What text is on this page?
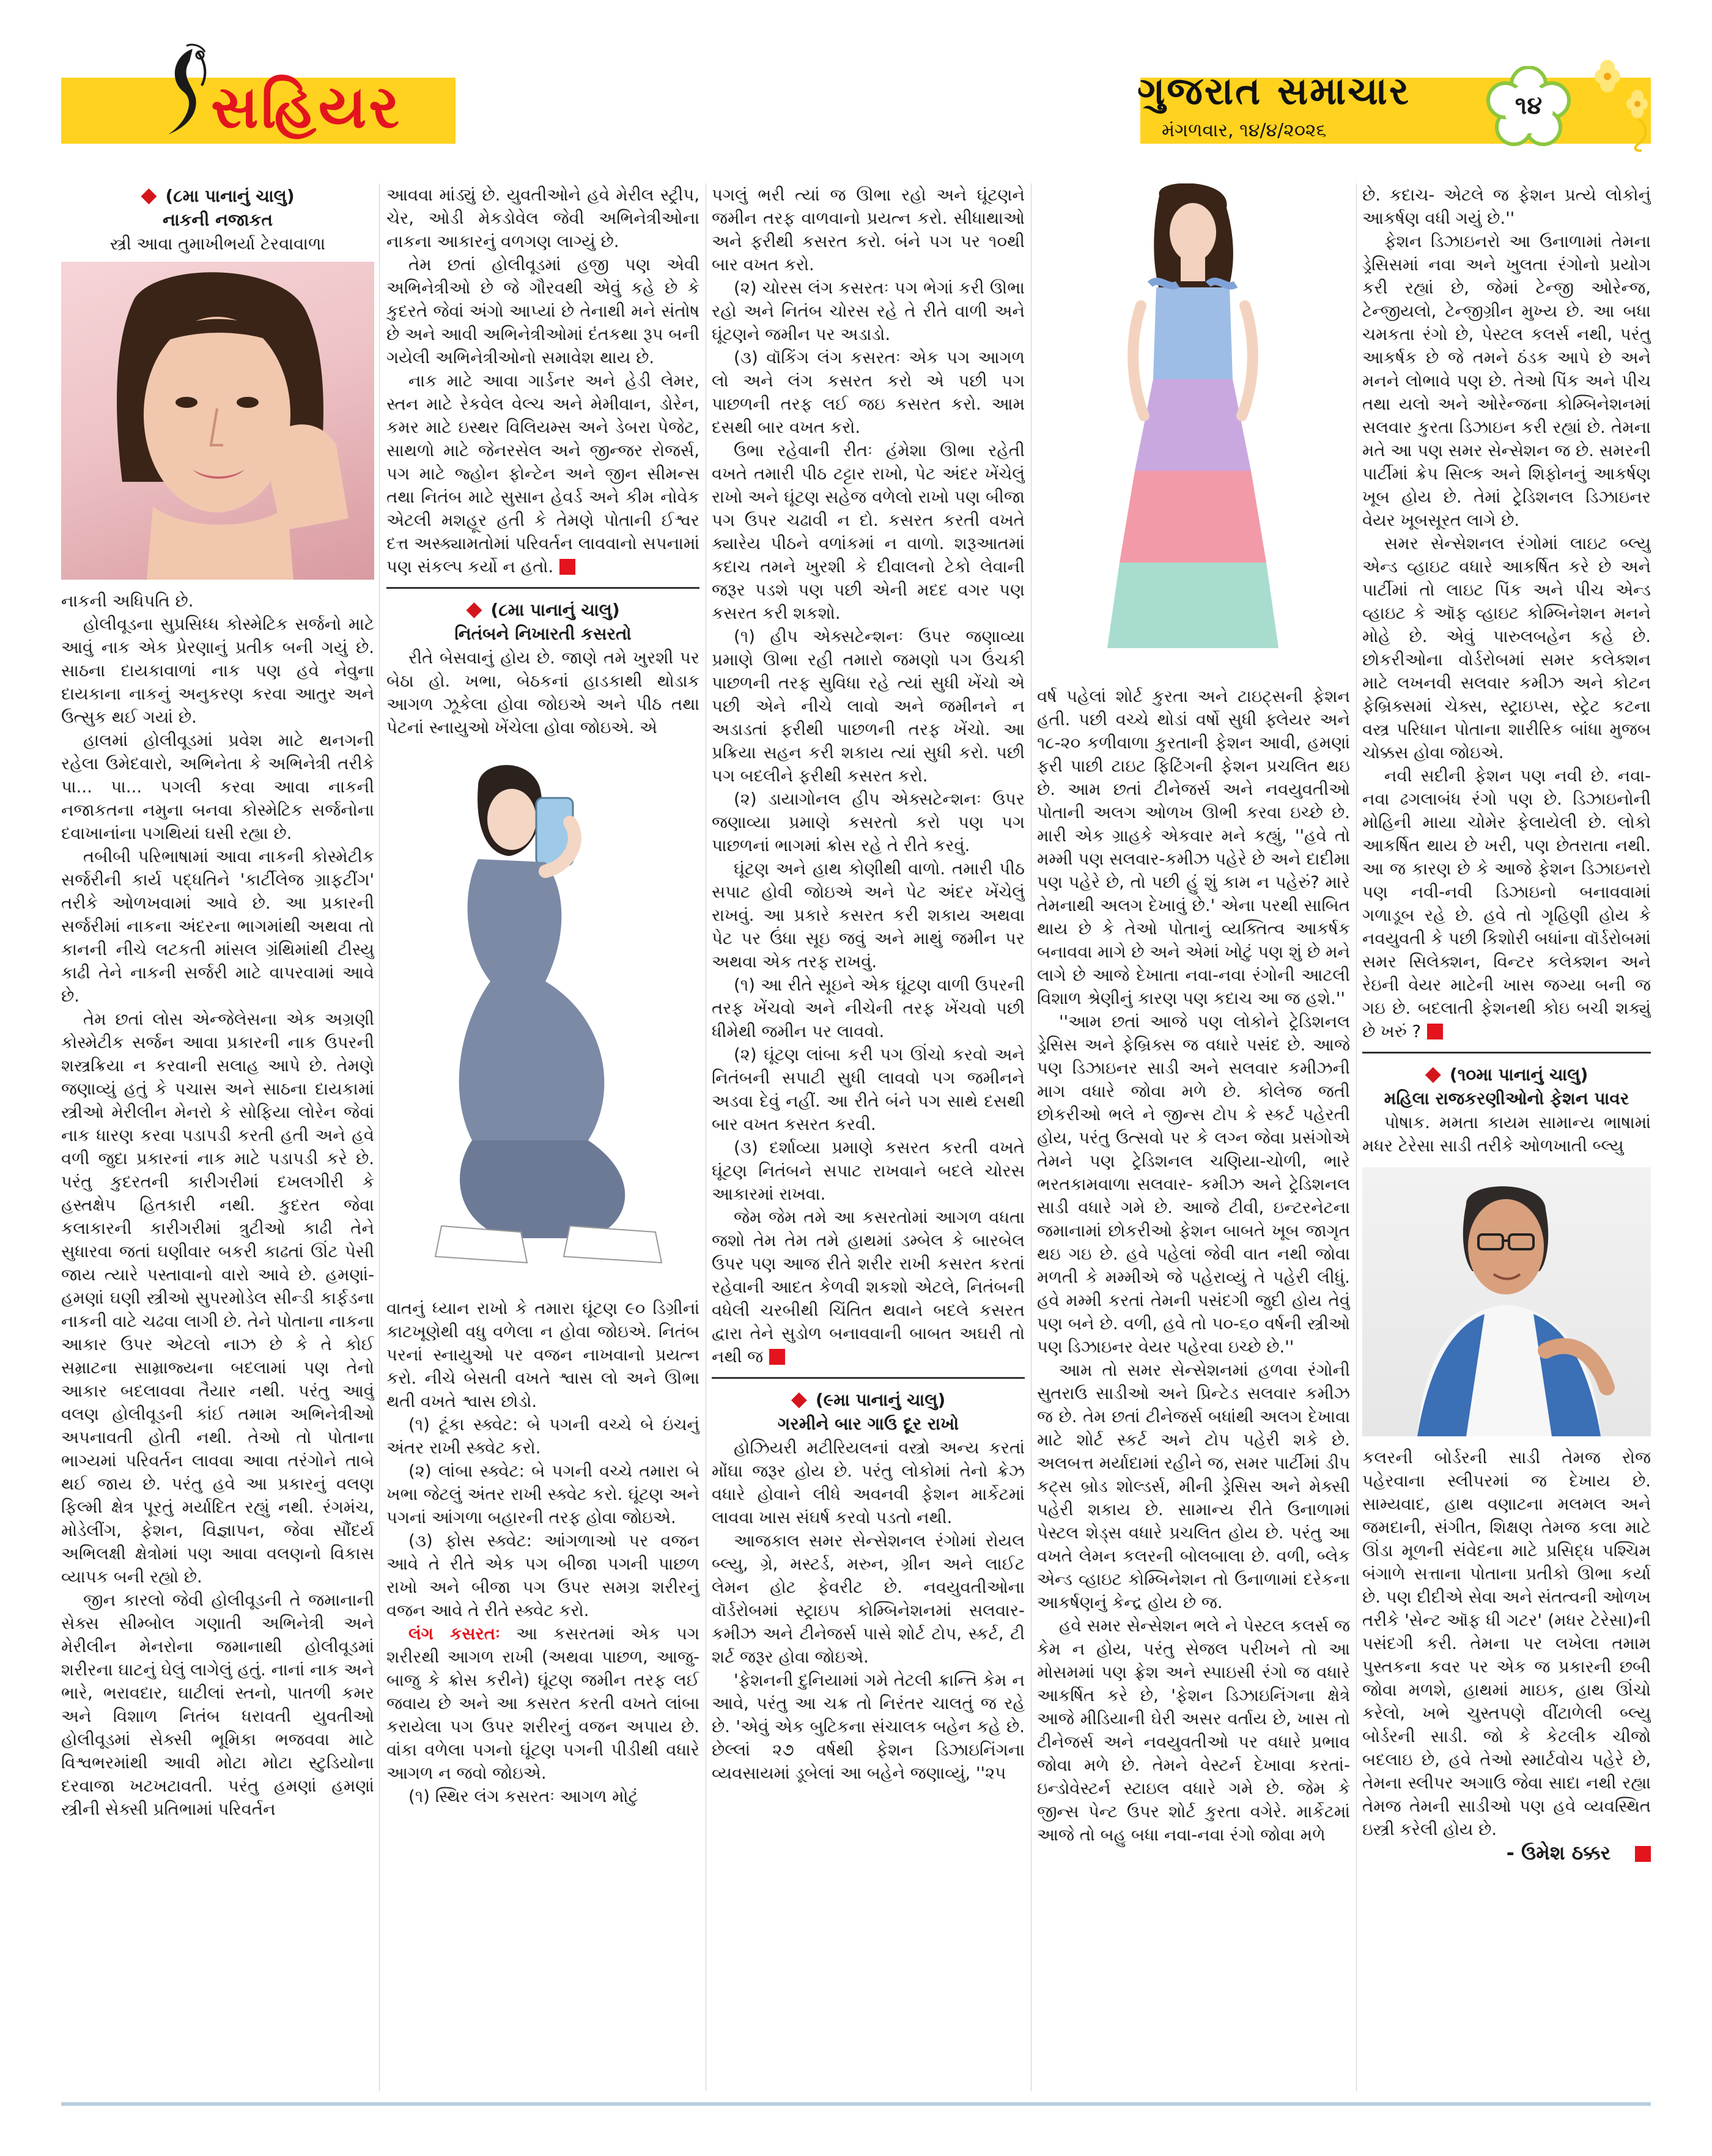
સહિયર	ગુજરાત સમાચાર
મંગળવાર, ૧૪/૪/૨૦૨૬
૧૪
◆ (૮મા પાનાનું ચાલુ)
નાકની નજાકત

સ્ત્રી આવા તુમાખીભર્યા ટેરવાવાળા

નાકની અધિપતિ છે.

હોલીવૂડના સુપ્રસિધ્ધ કોસ્મેટિક સર્જનો માટે આવું નાક એક પ્રેરણાનું પ્રતીક બની ગયું છે. સાઠના દાયકાવાળાં નાક પણ હવે નેવુના દાયકાના નાકનું અનુકરણ કરવા આતુર અને ઉત્સુક થઈ ગયાં છે.

હાલમાં હોલીવૂડમાં પ્રવેશ માટે થનગની રહેલા ઉમેદવારો, અભિનેતા કે અભિનેત્રી તરીકે પા... પા... પગલી કરવા આવા નાકની નજાકતના નમુના બનવા કોસ્મેટિક સર્જનોના દવાખાનાંના પગથિયાં ઘસી રહ્યા છે.

તબીબી પરિભાષામાં આવા નાકની કોસ્મેટીક સર્જરીની કાર્ય પદ્ધતિને 'કાર્ટીલેજ ગ્રાફટીંગ' તરીકે ઓળખવામાં આવે છે. આ પ્રકારની સર્જરીમાં નાકના અંદરના ભાગમાંથી અથવા તો કાનની નીચે લટકતી માંસલ ગ્રંથિમાંથી ટીસ્યુ કાઢી તેને નાકની સર્જરી માટે વાપરવામાં આવે છે.

તેમ છતાં લોસ એન્જેલેસના એક અગ્રણી કોસ્મેટીક સર્જન આવા પ્રકારની નાક ઉપરની શસ્ત્રક્રિયા ન કરવાની સલાહ આપે છે. તેમણે જણાવ્યું હતું કે પચાસ અને સાઠના દાયકામાં સ્ત્રીઓ મેરીલીન મેનરો કે સોફિયા લોરેન જેવાં નાક ધારણ કરવા પડાપડી કરતી હતી અને હવે વળી જુદા પ્રકારનાં નાક માટે પડાપડી કરે છે. પરંતુ કુદરતની કારીગરીમાં દખલગીરી કે હસ્તક્ષેપ હિતકારી નથી. કુદરત જેવા કલાકારની કારીગરીમાં ત્રુટીઓ કાઢી તેને સુધારવા જતાં ઘણીવાર બકરી કાઢતાં ઊંટ પેસી જાય ત્યારે પસ્તાવાનો વારો આવે છે. હમણાં-હમણાં ઘણી સ્ત્રીઓ સુપરમોડેલ સીન્ડી કાર્ફડના નાકની વાટે ચઢવા લાગી છે. તેને પોતાના નાકના આકાર ઉપર એટલો નાઝ છે કે તે કોઈ સમ્રાટના સામ્રાજ્યના બદલામાં પણ તેનો આકાર બદલાવવા તૈયાર નથી. પરંતુ આવું વલણ હોલીવૂડની કાંઈ તમામ અભિનેત્રીઓ અપનાવતી હોતી નથી. તેઓ તો પોતાના ભાગ્યમાં પરિવર્તન લાવવા આવા તરંગોને તાબે થઈ જાય છે. પરંતુ હવે આ પ્રકારનું વલણ ફિલ્મી ક્ષેત્ર પૂરતું મર્યાદિત રહ્યું નથી. રંગમંચ, મોડેલીંગ, ફેશન, વિજ્ઞાપન, જેવા સૌંદર્ય અભિલક્ષી ક્ષેત્રોમાં પણ આવા વલણનો વિકાસ વ્યાપક બની રહ્યો છે.

જીન કારલો જેવી હોલીવૂડની તે જમાનાની સેક્સ સીમ્બોલ ગણાતી અભિનેત્રી અને મેરીલીન મેનરોના જમાનાથી હોલીવૂડમાં શરીરના ઘાટનું ઘેલું લાગેલું હતું. નાનાં નાક અને ભારે, ભરાવદાર, ઘાટીલાં સ્તનો, પાતળી કમર અને વિશાળ નિતંબ ધરાવતી યુવતીઓ હોલીવૂડમાં સેક્સી ભૂમિકા ભજવવા માટે વિશ્વભરમાંથી આવી મોટા મોટા સ્ટુડિયોના દરવાજા ખટખટાવતી. પરંતુ હમણાં હમણાં સ્ત્રીની સેક્સી પ્રતિભામાં પરિવર્તન

આવવા માંડ્યું છે. યુવતીઓને હવે મેરીલ સ્ટ્રીપ, ચેર, ઓડી મેકડોવેલ જેવી અભિનેત્રીઓના નાકના આકારનું વળગણ લાગ્યું છે.

તેમ છતાં હોલીવૂડમાં હજી પણ એવી અભિનેત્રીઓ છે જે ગૌરવથી એવું કહે છે કે કુદરતે જેવાં અંગો આપ્યાં છે તેનાથી મને સંતોષ છે અને આવી અભિનેત્રીઓમાં દંતકથા રૂપ બની ગયેલી અભિનેત્રીઓનો સમાવેશ થાય છે.

નાક માટે આવા ગાર્ડનર અને હેડી લેમર, સ્તન માટે રેકવેલ વેલ્ચ અને મેમીવાન, ડોરેન, કમર માટે ઇસ્થર વિલિયમ્સ અને ડેબરા પેજેટ, સાથળો માટે જેનરસેલ અને જીન્જર રોજર્સ, પગ માટે જ્હોન ફોન્ટેન અને જીન સીમન્સ તથા નિતંબ માટે સુસાન હેવર્ડ અને કીમ નોવેક એટલી મશહૂર હતી કે તેમણે પોતાની ઈશ્વર દત્ત અસ્ક્યામતોમાં પરિવર્તન લાવવાનો સપનામાં પણ સંકલ્પ કર્યો ન હતો.

◆ (૮મા પાનાનું ચાલુ)
નિતંબને નિખારતી કસરતો

રીતે બેસવાનું હોય છે. જાણે તમે ખુરશી પર બેઠા હો. ખભા, બેઠકનાં હાડકાથી થોડાક આગળ ઝૂકેલા હોવા જોઇએ અને પીઠ તથા પેટનાં સ્નાયુઓ ખેંચેલા હોવા જોઇએ. એ

વાતનું ધ્યાન રાખો કે તમારા ઘૂંટણ ૯૦ ડિગ્રીનાં કાટખૂણેથી વધુ વળેલા ન હોવા જોઇએ. નિતંબ પરનાં સ્નાયુઓ પર વજન નાખવાનો પ્રયત્ન કરો. નીચે બેસતી વખતે શ્વાસ લો અને ઊભા થતી વખતે શ્વાસ છોડો.

(૧) ટૂંકા સ્ક્વેટ: બે પગની વચ્ચે બે ઇંચનું અંતર રાખી સ્ક્વેટ કરો.

(૨) લાંબા સ્ક્વેટ: બે પગની વચ્ચે તમારા બે ખભા જેટલું અંતર રાખી સ્ક્વેટ કરો. ઘૂંટણ અને પગનાં આંગળા બહારની તરફ હોવા જોઇએ.

(૩) ફોસ સ્ક્વેટ: આંગળાઓ પર વજન આવે તે રીતે એક પગ બીજા પગની પાછળ રાખો અને બીજા પગ ઉપર સમગ્ર શરીરનું વજન આવે તે રીતે સ્ક્વેટ કરો.

લંગ કસરતઃ આ કસરતમાં એક પગ શરીરથી આગળ રાખી (અથવા પાછળ, આજુ-બાજુ કે ક્રોસ કરીને) ઘૂંટણ જમીન તરફ લઈ જવાય છે અને આ કસરત કરતી વખતે લાંબા કરાયેલા પગ ઉપર શરીરનું વજન અપાય છે. વાંકા વળેલા પગનો ઘૂંટણ પગની પીડીથી વધારે આગળ ન જવો જોઇએ.

(૧) સ્થિર લંગ કસરતઃ આગળ મોટું

પગલું ભરી ત્યાં જ ઊભા રહો અને ઘૂંટણને જમીન તરફ વાળવાનો પ્રયત્ન કરો. સીધાથાઓ અને ફરીથી કસરત કરો. બંને પગ પર ૧૦થી બાર વખત કરો.

(૨) ચોરસ લંગ કસરતઃ પગ ભેગાં કરી ઊભા રહો અને નિતંબ ચોરસ રહે તે રીતે વાળી અને ઘૂંટણને જમીન પર અડાડો.

(૩) વૉકિંગ લંગ કસરતઃ એક પગ આગળ લો અને લંગ કસરત કરો એ પછી પગ પાછળની તરફ લઈ જઇ કસરત કરો. આમ દસથી બાર વખત કરો.

ઉભા રહેવાની રીતઃ હંમેશા ઊભા રહેતી વખતે તમારી પીઠ ટટ્ટાર રાખો, પેટ અંદર ખેંચેલું રાખો અને ઘૂંટણ સહેજ વળેલો રાખો પણ બીજા પગ ઉપર ચઢાવી ન દો. કસરત કરતી વખતે ક્યારેય પીઠને વળાંકમાં ન વાળો. શરૂઆતમાં કદાચ તમને ખુરશી કે દીવાલનો ટેકો લેવાની જરૂર પડશે પણ પછી એની મદદ વગર પણ કસરત કરી શકશો.

(૧) હીપ એક્સટેન્શનઃ ઉપર જણાવ્યા પ્રમાણે ઊભા રહી તમારો જમણો પગ ઉંચકી પાછળની તરફ સુવિધા રહે ત્યાં સુધી ખેંચો એ પછી એને નીચે લાવો અને જમીનને ન અડાડતાં ફરીથી પાછળની તરફ ખેંચો. આ પ્રક્રિયા સહન કરી શકાય ત્યાં સુધી કરો. પછી પગ બદલીને ફરીથી કસરત કરો.

(૨) ડાયાગોનલ હીપ એક્સટેન્શનઃ ઉપર જણાવ્યા પ્રમાણે કસરતો કરો પણ પગ પાછળનાં ભાગમાં ક્રોસ રહે તે રીતે કરવું.

ઘૂંટણ અને હાથ કોણીથી વાળો. તમારી પીઠ સપાટ હોવી જોઇએ અને પેટ અંદર ખેંચેલું રાખવું. આ પ્રકારે કસરત કરી શકાય અથવા પેટ પર ઉંધા સૂઇ જવું અને માથું જમીન પર અથવા એક તરફ રાખવું.

(૧) આ રીતે સૂઇને એક ઘૂંટણ વાળી ઉપરની તરફ ખેંચવો અને નીચેની તરફ ખેંચવો પછી ધીમેથી જમીન પર લાવવો.

(૨) ઘૂંટણ લાંબા કરી પગ ઊંચો કરવો અને નિતંબની સપાટી સુધી લાવવો પગ જમીનને અડવા દેવું નહીં. આ રીતે બંને પગ સાથે દસથી બાર વખત કસરત કરવી.

(૩) દર્શાવ્યા પ્રમાણે કસરત કરતી વખતે ઘૂંટણ નિતંબને સપાટ રાખવાને બદલે ચોરસ આકારમાં રાખવા.

જેમ જેમ તમે આ કસરતોમાં આગળ વધતા જશો તેમ તેમ તમે હાથમાં ડમ્બેલ કે બારબેલ ઉપર પણ આજ રીતે શરીર રાખી કસરત કરતાં રહેવાની આદત કેળવી શકશો એટલે, નિતંબની વધેલી ચરબીથી ચિંતિત થવાને બદલે કસરત દ્વારા તેને સુડોળ બનાવવાની બાબત અઘરી તો નથી જ

◆ (૯મા પાનાનું ચાલુ)
ગરમીને બાર ગાઉ દૂર રાખો

હોઝિયરી મટીરિયલનાં વસ્ત્રો અન્ય કરતાં મોંઘા જરૂર હોય છે. પરંતુ લોકોમાં તેનો ક્રેઝ વધારે હોવાને લીધે અવનવી ફેશન માર્કેટમાં લાવવા ખાસ સંઘર્ષ કરવો પડતો નથી.

આજકાલ સમર સેન્સેશનલ રંગોમાં રોયલ બ્લ્યુ, ગ્રે, મસ્ટર્ડ, મરુન, ગ્રીન અને લાઈટ લેમન હોટ ફેવરીટ છે. નવયુવતીઓના વૉર્ડરોબમાં સ્ટ્રાઇપ કોમ્બિનેશનમાં સલવાર-કમીઝ અને ટીનેજર્સ પાસે શોર્ટ ટોપ, સ્કર્ટ, ટી શર્ટ જરૂર હોવા જોઇએ.

'ફેશનની દુનિયામાં ગમે તેટલી ક્રાન્તિ કેમ ન આવે, પરંતુ આ ચક્ર તો નિરંતર ચાલતું જ રહે છે. 'એવું એક બુટિકના સંચાલક બહેન કહે છે. છેલ્લાં ૨૭ વર્ષથી ફેશન ડિઝાઇનિંગના વ્યવસાયમાં ડૂબેલાં આ બહેને જણાવ્યું, ''૨૫

વર્ષ પહેલાં શોર્ટ કુરતા અને ટાઇટ્સની ફેશન હતી. પછી વચ્ચે થોડાં વર્ષો સુધી ફ્લેયર અને ૧૮-૨૦ કળીવાળા કુરતાની ફેશન આવી, હમણાં ફરી પાછી ટાઇટ ફિટિંગની ફેશન પ્રચલિત થઇ છે. આમ છતાં ટીનેજર્સ અને નવયુવતીઓ પોતાની અલગ ઓળખ ઊભી કરવા ઇચ્છે છે. મારી એક ગ્રાહકે એકવાર મને કહ્યું, ''હવે તો મમ્મી પણ સલવાર-કમીઝ પહેરે છે અને દાદીમા પણ પહેરે છે, તો પછી હું શું કામ ન પહેરું? મારે તેમનાથી અલગ દેખાવું છે.' એના પરથી સાબિત થાય છે કે તેઓ પોતાનું વ્યક્તિત્વ આકર્ષક બનાવવા માગે છે અને એમાં ખોટું પણ શું છે મને લાગે છે આજે દેખાતા નવા-નવા રંગોની આટલી વિશાળ શ્રેણીનું કારણ પણ કદાચ આ જ હશે.''

''આમ છતાં આજે પણ લોકોને ટ્રેડિશનલ ડ્રેસિસ અને ફેબ્રિક્સ જ વધારે પસંદ છે. આજે પણ ડિઝાઇનર સાડી અને સલવાર કમીઝની માગ વધારે જોવા મળે છે. કોલેજ જતી છોકરીઓ ભલે ને જીન્સ ટોપ કે સ્કર્ટ પહેરતી હોય, પરંતુ ઉત્સવો પર કે લગ્ન જેવા પ્રસંગોએ તેમને પણ ટ્રેડિશનલ ચણિયા-ચોળી, ભારે ભરતકામવાળા સલવાર- કમીઝ અને ટ્રેડિશનલ સાડી વધારે ગમે છે. આજે ટીવી, ઇન્ટરનેટના જમાનામાં છોકરીઓ ફેશન બાબતે ખૂબ જાગૃત થઇ ગઇ છે. હવે પહેલાં જેવી વાત નથી જોવા મળતી કે મમ્મીએ જે પહેરાવ્યું તે પહેરી લીધું. હવે મમ્મી કરતાં તેમની પસંદગી જુદી હોય તેવું પણ બને છે. વળી, હવે તો ૫૦-૬૦ વર્ષની સ્ત્રીઓ પણ ડિઝાઇનર વેયર પહેરવા ઇચ્છે છે.''

આમ તો સમર સેન્સેશનમાં હળવા રંગોની સુતરાઉ સાડીઓ અને પ્રિન્ટેડ સલવાર કમીઝ જ છે. તેમ છતાં ટીનેજર્સ બધાંથી અલગ દેખાવા માટે શોર્ટ સ્કર્ટ અને ટોપ પહેરી શકે છે. અલબત્ત મર્યાદામાં રહીને જ, સમર પાર્ટીમાં ડીપ કટ્સ બ્રોડ શોલ્ડર્સ, મીની ડ્રેસિસ અને મેક્સી પહેરી શકાય છે. સામાન્ય રીતે ઉનાળામાં પેસ્ટલ શેડ્સ વધારે પ્રચલિત હોય છે. પરંતુ આ વખતે લેમન કલરની બોલબાલા છે. વળી, બ્લેક એન્ડ વ્હાઇટ કોમ્બિનેશન તો ઉનાળામાં દરેકના આકર્ષણનું કેન્દ્ર હોય છે જ.

હવે સમર સેન્સેશન ભલે ને પેસ્ટલ કલર્સ જ કેમ ન હોય, પરંતુ સેજલ પરીખને તો આ મોસમમાં પણ ફ્રેશ અને સ્પાઇસી રંગો જ વધારે આકર્ષિત કરે છે, 'ફેશન ડિઝાઇનિંગના ક્ષેત્રે આજે મીડિયાની ઘેરી અસર વર્તાય છે, ખાસ તો ટીનેજર્સ અને નવયુવતીઓ પર વધારે પ્રભાવ જોવા મળે છે. તેમને વેસ્ટર્ન દેખાવા કરતાં- ઇન્ડોવેસ્ટર્ન સ્ટાઇલ વધારે ગમે છે. જેમ કે જીન્સ પેન્ટ ઉપર શોર્ટ કુરતા વગેરે. માર્કેટમાં આજે તો બહુ બધા નવા-નવા રંગો જોવા મળે

છે. કદાચ- એટલે જ ફેશન પ્રત્યે લોકોનું આકર્ષણ વધી ગયું છે.''

ફેશન ડિઝાઇનરો આ ઉનાળામાં તેમના ડ્રેસિસમાં નવા અને ખુલતા રંગોનો પ્રયોગ કરી રહ્યાં છે, જેમાં ટેન્જી ઓરેન્જ, ટેન્જીયલો, ટેન્જીગ્રીન મુખ્ય છે. આ બધા ચમકતા રંગો છે, પેસ્ટલ કલર્સ નથી, પરંતુ આકર્ષક છે જે તમને ઠંડક આપે છે અને મનને લોભાવે પણ છે. તેઓ પિંક અને પીચ તથા યલો અને ઓરેન્જના કોમ્બિનેશનમાં સલવાર કુરતા ડિઝાઇન કરી રહ્યાં છે. તેમના મતે આ પણ સમર સેન્સેશન જ છે. સમરની પાર્ટીમાં ક્રેપ સિલ્ક અને શિફોનનું આકર્ષણ ખૂબ હોય છે. તેમાં ટ્રેડિશનલ ડિઝાઇનર વેયર ખૂબસૂરત લાગે છે.

સમર સેન્સેશનલ રંગોમાં લાઇટ બ્લ્યુ એન્ડ વ્હાઇટ વધારે આકર્ષિત કરે છે અને પાર્ટીમાં તો લાઇટ પિંક અને પીચ એન્ડ વ્હાઇટ કે ઑફ વ્હાઇટ કોમ્બિનેશન મનને મોહે છે. એવું પારુલબહેન કહે છે. છોકરીઓના વોર્ડરોબમાં સમર કલેક્શન માટે લખનવી સલવાર કમીઝ અને કોટન ફેબ્રિક્સમાં ચેક્સ, સ્ટ્રાઇપ્સ, સ્ટ્રેટ કટના વસ્ત્ર પરિધાન પોતાના શારીરિક બાંધા મુજબ ચોક્કસ હોવા જોઇએ.

નવી સદીની ફેશન પણ નવી છે. નવા-નવા ઢગલાબંધ રંગો પણ છે. ડિઝાઇનોની મોહિની માયા ચોમેર ફેલાયેલી છે. લોકો આકર્ષિત થાય છે ખરી, પણ છેતરાતા નથી. આ જ કારણ છે કે આજે ફેશન ડિઝાઇનરો પણ નવી-નવી ડિઝાઇનો બનાવવામાં ગળાડૂબ રહે છે. હવે તો ગૃહિણી હોય કે નવયુવતી કે પછી કિશોરી બધાંના વૉર્ડરોબમાં સમર સિલેક્શન, વિન્ટર કલેક્શન અને રેઇની વેયર માટેની ખાસ જગ્યા બની જ ગઇ છે. બદલાતી ફેશનથી કોઇ બચી શક્યું છે ખરું ?

◆ (૧૦મા પાનાનું ચાલુ)
મહિલા રાજકરણીઓનો ફેશન પાવર

પોષાક. મમતા કાયમ સામાન્ય ભાષામાં મધર ટેરેસા સાડી તરીકે ઓળખાતી બ્લ્યુ

કલરની બોર્ડરની સાડી તેમજ રોજ પહેરવાના સ્લીપરમાં જ દેખાય છે. સામ્યવાદ, હાથ વણાટના મલમલ અને જમદાની, સંગીત, શિક્ષણ તેમજ કલા માટે ઊંડા મૂળની સંવેદના માટે પ્રસિદ્ધ પશ્ચિમ બંગાળે સત્તાના પોતાના પ્રતીકો ઊભા કર્યા છે. પણ દીદીએ સેવા અને સંતત્વની ઓળખ તરીકે 'સેન્ટ ઑફ ધી ગટર' (મધર ટેરેસા)ની પસંદગી કરી. તેમના પર લખેલા તમામ પુસ્તકના કવર પર એક જ પ્રકારની છબી જોવા મળશે, હાથમાં માઇક, હાથ ઊંચો કરેલો, ખભે ચુસ્તપણે વીંટાળેલી બ્લ્યુ બોર્ડરની સાડી. જો કે કેટલીક ચીજો બદલાઇ છે, હવે તેઓ સ્માર્ટવોચ પહેરે છે, તેમના સ્લીપર અગાઉ જેવા સાદા નથી રહ્યા તેમજ તેમની સાડીઓ પણ હવે વ્યવસ્થિત ઇસ્ત્રી કરેલી હોય છે.

- ઉમેશ ઠક્કર
